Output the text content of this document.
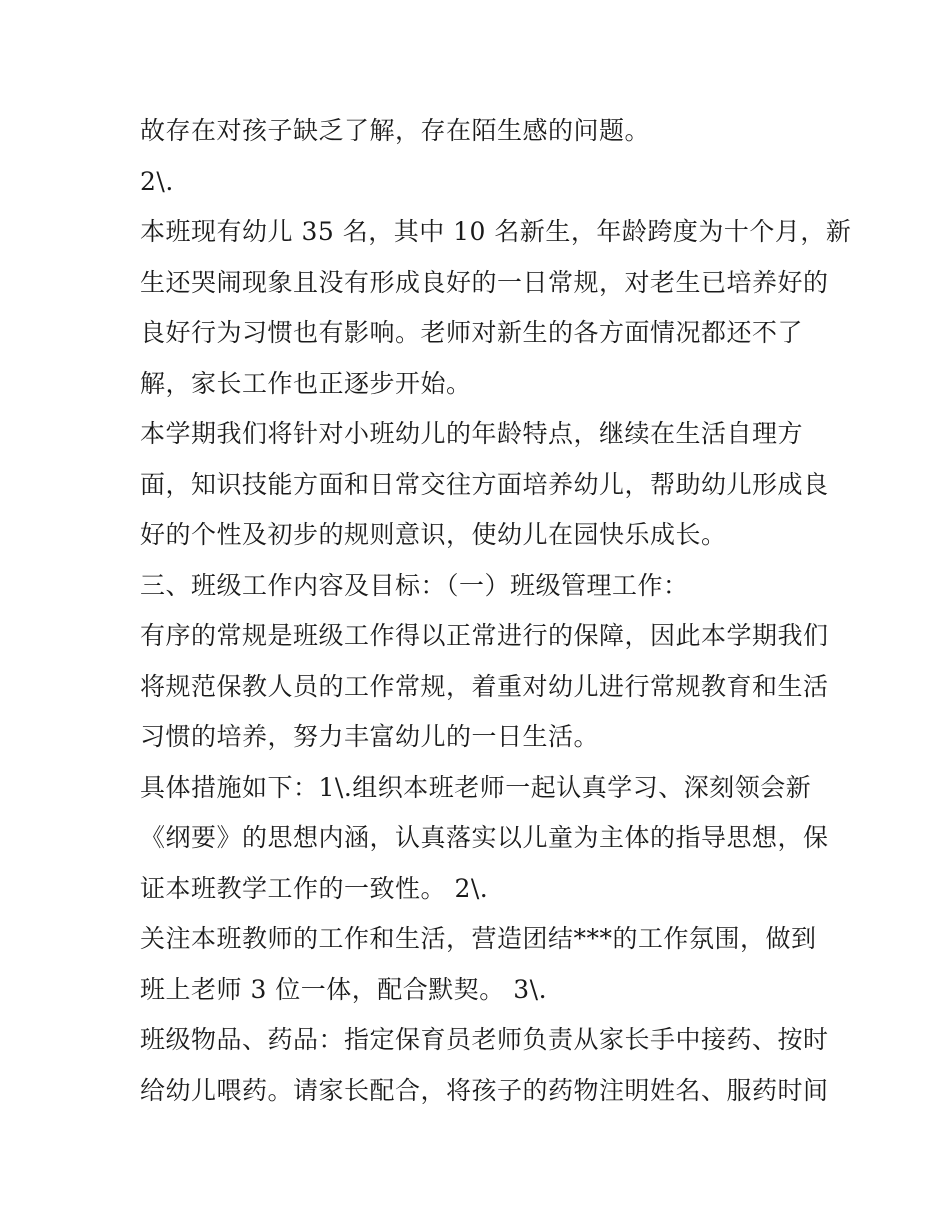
故存在对孩子缺乏了解，存在陌生感的问题。
2\.
本班现有幼儿 35 名，其中 10 名新生，年龄跨度为十个月，新
生还哭闹现象且没有形成良好的一日常规，对老生已培养好的
良好行为习惯也有影响。老师对新生的各方面情况都还不了
解，家长工作也正逐步开始。
本学期我们将针对小班幼儿的年龄特点，继续在生活自理方
面，知识技能方面和日常交往方面培养幼儿，帮助幼儿形成良
好的个性及初步的规则意识，使幼儿在园快乐成长。
三、班级工作内容及目标：（一）班级管理工作：
有序的常规是班级工作得以正常进行的保障，因此本学期我们
将规范保教人员的工作常规，着重对幼儿进行常规教育和生活
习惯的培养，努力丰富幼儿的一日生活。
具体措施如下：1\.组织本班老师一起认真学习、深刻领会新
《纲要》的思想内涵，认真落实以儿童为主体的指导思想，保
证本班教学工作的一致性。 2\.
关注本班教师的工作和生活，营造团结***的工作氛围，做到
班上老师 3 位一体，配合默契。 3\.
班级物品、药品：指定保育员老师负责从家长手中接药、按时
给幼儿喂药。请家长配合，将孩子的药物注明姓名、服药时间
